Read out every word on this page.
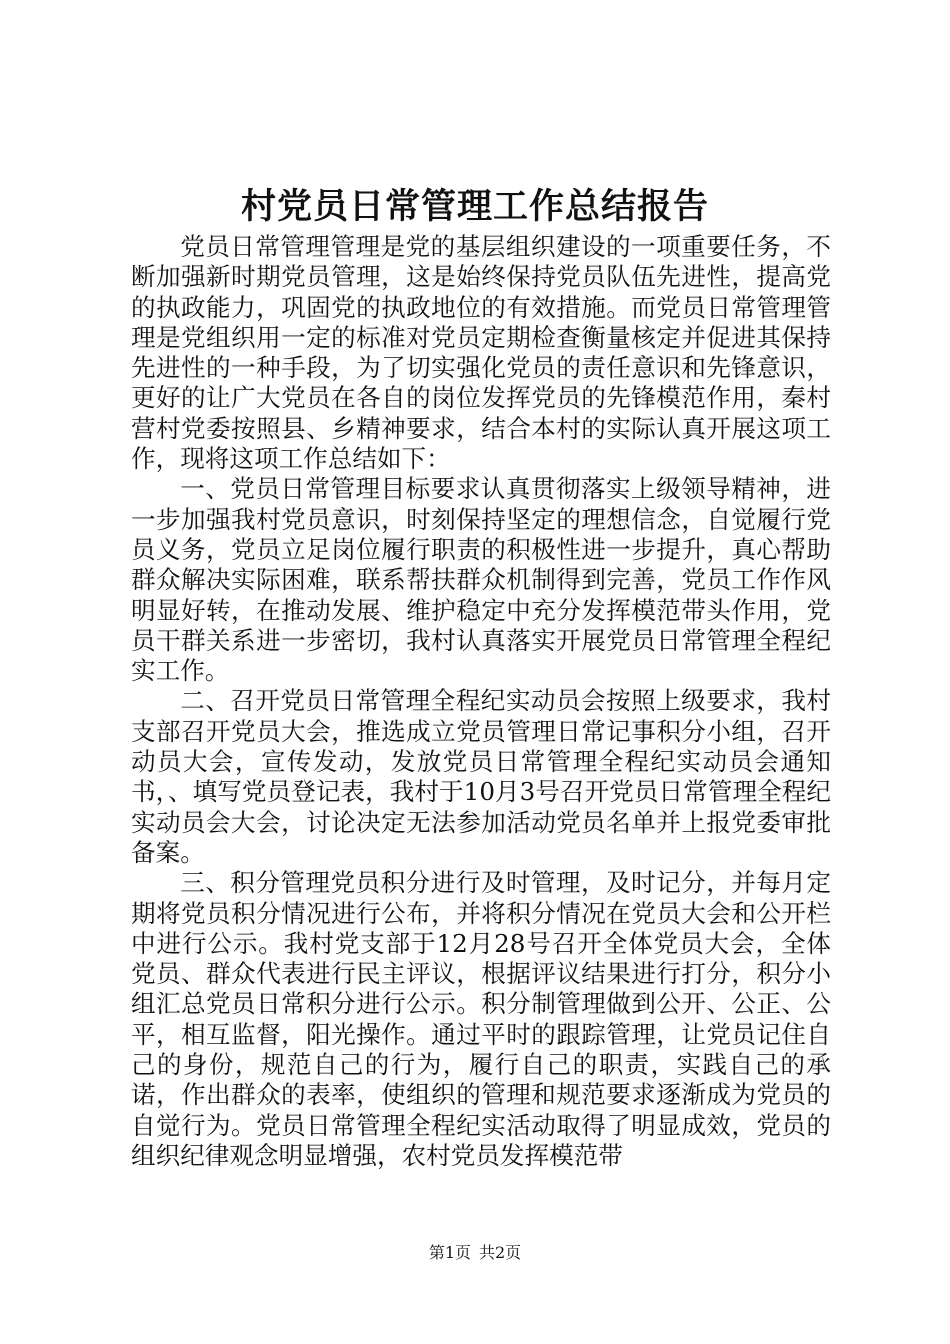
村党员日常管理工作总结报告

党员日常管理管理是党的基层组织建设的一项重要任务，不断加强新时期党员管理，这是始终保持党员队伍先进性，提高党的执政能力，巩固党的执政地位的有效措施。而党员日常管理管理是党组织用一定的标准对党员定期检查衡量核定并促进其保持先进性的一种手段，为了切实强化党员的责任意识和先锋意识，更好的让广大党员在各自的岗位发挥党员的先锋模范作用，秦村营村党委按照县、乡精神要求，结合本村的实际认真开展这项工作，现将这项工作总结如下：

一、党员日常管理目标要求认真贯彻落实上级领导精神，进一步加强我村党员意识，时刻保持坚定的理想信念，自觉履行党员义务，党员立足岗位履行职责的积极性进一步提升，真心帮助群众解决实际困难，联系帮扶群众机制得到完善，党员工作作风明显好转，在推动发展、维护稳定中充分发挥模范带头作用，党员干群关系进一步密切，我村认真落实开展党员日常管理全程纪实工作。

二、召开党员日常管理全程纪实动员会按照上级要求，我村支部召开党员大会，推选成立党员管理日常记事积分小组，召开动员大会，宣传发动，发放党员日常管理全程纪实动员会通知书，、填写党员登记表，我村于10月3号召开党员日常管理全程纪实动员会大会，讨论决定无法参加活动党员名单并上报党委审批备案。

三、积分管理党员积分进行及时管理，及时记分，并每月定期将党员积分情况进行公布，并将积分情况在党员大会和公开栏中进行公示。我村党支部于12月28号召开全体党员大会，全体党员、群众代表进行民主评议，根据评议结果进行打分，积分小组汇总党员日常积分进行公示。积分制管理做到公开、公正、公平，相互监督，阳光操作。通过平时的跟踪管理，让党员记住自己的身份，规范自己的行为，履行自己的职责，实践自己的承诺，作出群众的表率，使组织的管理和规范要求逐渐成为党员的自觉行为。党员日常管理全程纪实活动取得了明显成效，党员的组织纪律观念明显增强，农村党员发挥模范带

第1页 共2页
